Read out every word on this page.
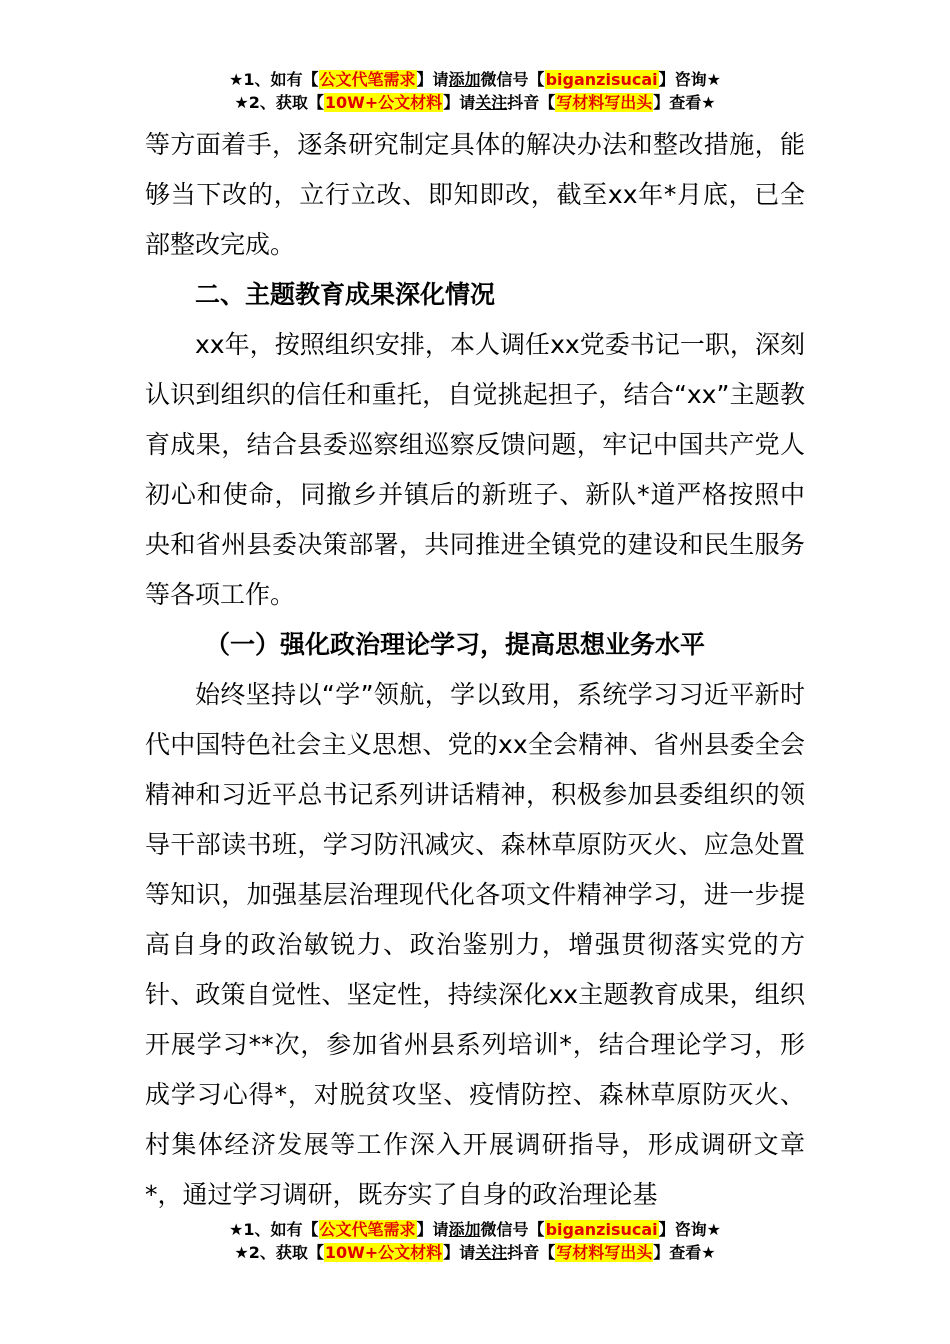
★1、如有【公文代笔需求】请添加微信号【biganzisucai】咨询★
★2、获取【10W+公文材料】请关注抖音【写材料写出头】查看★

等方面着手，逐条研究制定具体的解决办法和整改措施，能够当下改的，立行立改、即知即改，截至xx年*月底，已全部整改完成。

二、主题教育成果深化情况

xx年，按照组织安排，本人调任xx党委书记一职，深刻认识到组织的信任和重托，自觉挑起担子，结合“xx”主题教育成果，结合县委巡察组巡察反馈问题，牢记中国共产党人初心和使命，同撤乡并镇后的新班子、新队*道严格按照中央和省州县委决策部署，共同推进全镇党的建设和民生服务等各项工作。

（一）强化政治理论学习，提高思想业务水平

始终坚持以“学”领航，学以致用，系统学习习近平新时代中国特色社会主义思想、党的xx全会精神、省州县委全会精神和习近平总书记系列讲话精神，积极参加县委组织的领导干部读书班，学习防汛减灾、森林草原防灭火、应急处置等知识，加强基层治理现代化各项文件精神学习，进一步提高自身的政治敏锐力、政治鉴别力，增强贯彻落实党的方针、政策自觉性、坚定性，持续深化xx主题教育成果，组织开展学习**次，参加省州县系列培训*，结合理论学习，形成学习心得*，对脱贫攻坚、疫情防控、森林草原防灭火、村集体经济发展等工作深入开展调研指导，形成调研文章*，通过学习调研，既夯实了自身的政治理论基

★1、如有【公文代笔需求】请添加微信号【biganzisucai】咨询★
★2、获取【10W+公文材料】请关注抖音【写材料写出头】查看★
